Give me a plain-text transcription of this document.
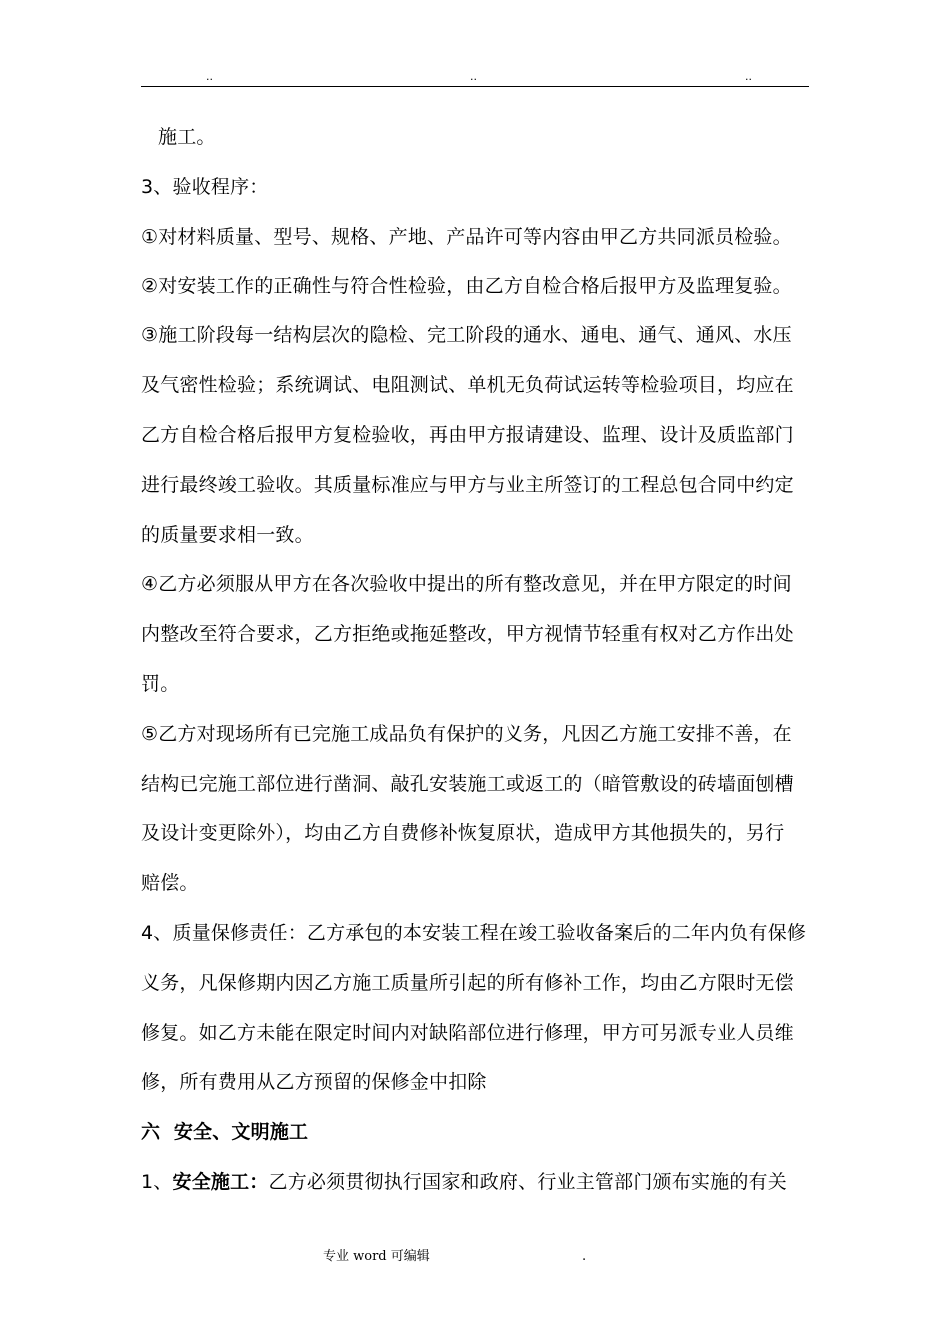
..	..	..
施工。
3、验收程序：
①对材料质量、型号、规格、产地、产品许可等内容由甲乙方共同派员检验。
②对安装工作的正确性与符合性检验，由乙方自检合格后报甲方及监理复验。
③施工阶段每一结构层次的隐检、完工阶段的通水、通电、通气、通风、水压
及气密性检验；系统调试、电阻测试、单机无负荷试运转等检验项目，均应在
乙方自检合格后报甲方复检验收，再由甲方报请建设、监理、设计及质监部门
进行最终竣工验收。其质量标准应与甲方与业主所签订的工程总包合同中约定
的质量要求相一致。
④乙方必须服从甲方在各次验收中提出的所有整改意见，并在甲方限定的时间
内整改至符合要求，乙方拒绝或拖延整改，甲方视情节轻重有权对乙方作出处
罚。
⑤乙方对现场所有已完施工成品负有保护的义务，凡因乙方施工安排不善，在
结构已完施工部位进行凿洞、敲孔安装施工或返工的（暗管敷设的砖墙面刨槽
及设计变更除外），均由乙方自费修补恢复原状，造成甲方其他损失的，另行
赔偿。
4、质量保修责任：乙方承包的本安装工程在竣工验收备案后的二年内负有保修
义务，凡保修期内因乙方施工质量所引起的所有修补工作，均由乙方限时无偿
修复。如乙方未能在限定时间内对缺陷部位进行修理，甲方可另派专业人员维
修，所有费用从乙方预留的保修金中扣除
六  安全、文明施工
1、安全施工：乙方必须贯彻执行国家和政府、行业主管部门颁布实施的有关
专业 word 可编辑	.
